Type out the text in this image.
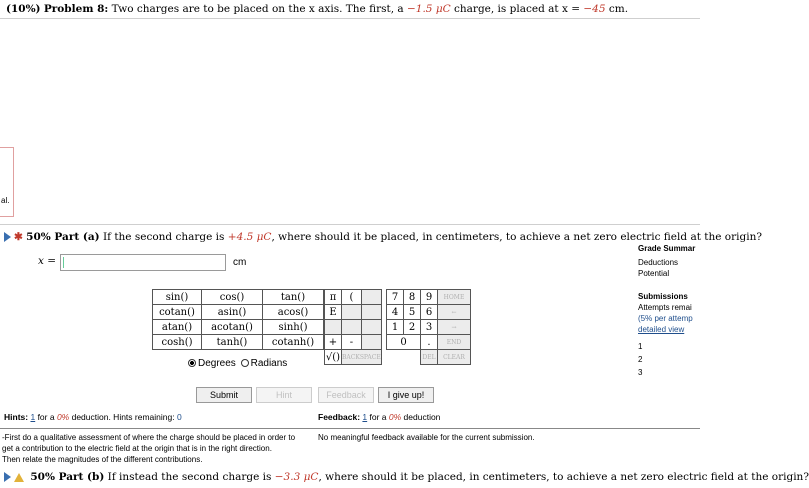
(10%) Problem 8: Two charges are to be placed on the x axis. The first, a −1.5 μC charge, is placed at x = −45 cm.
al.
✱ 50% Part (a) If the second charge is +4.5 μC, where should it be placed, in centimeters, to achieve a net zero electric field at the origin?
x =	cm
sin()	cos()	tan()
cotan()	asin()	acos()
atan()	acotan()	sinh()
cosh()	tanh()	cotanh()
π	(	
E		

+	-	
√()	BACKSPACE	
7	8	9	HOME
4	5	6	←
1	2	3	→
0		.	END
		DEL	CLEAR
Degrees Radians
Submit	Hint	Feedback	I give up!
Grade Summar
Deductions
Potential
Submissions
Attempts remai
(5% per attemp
detailed view
1
2
3
Hints: 1 for a 0% deduction. Hints remaining: 0	Feedback: 1 for a 0% deduction
-First do a qualitative assessment of where the charge should be placed in order to
get a contribution to the electric field at the origin that is in the right direction.
Then relate the magnitudes of the different contributions.
No meaningful feedback available for the current submission.
50% Part (b) If instead the second charge is −3.3 μC, where should it be placed, in centimeters, to achieve a net zero electric field at the origin?
